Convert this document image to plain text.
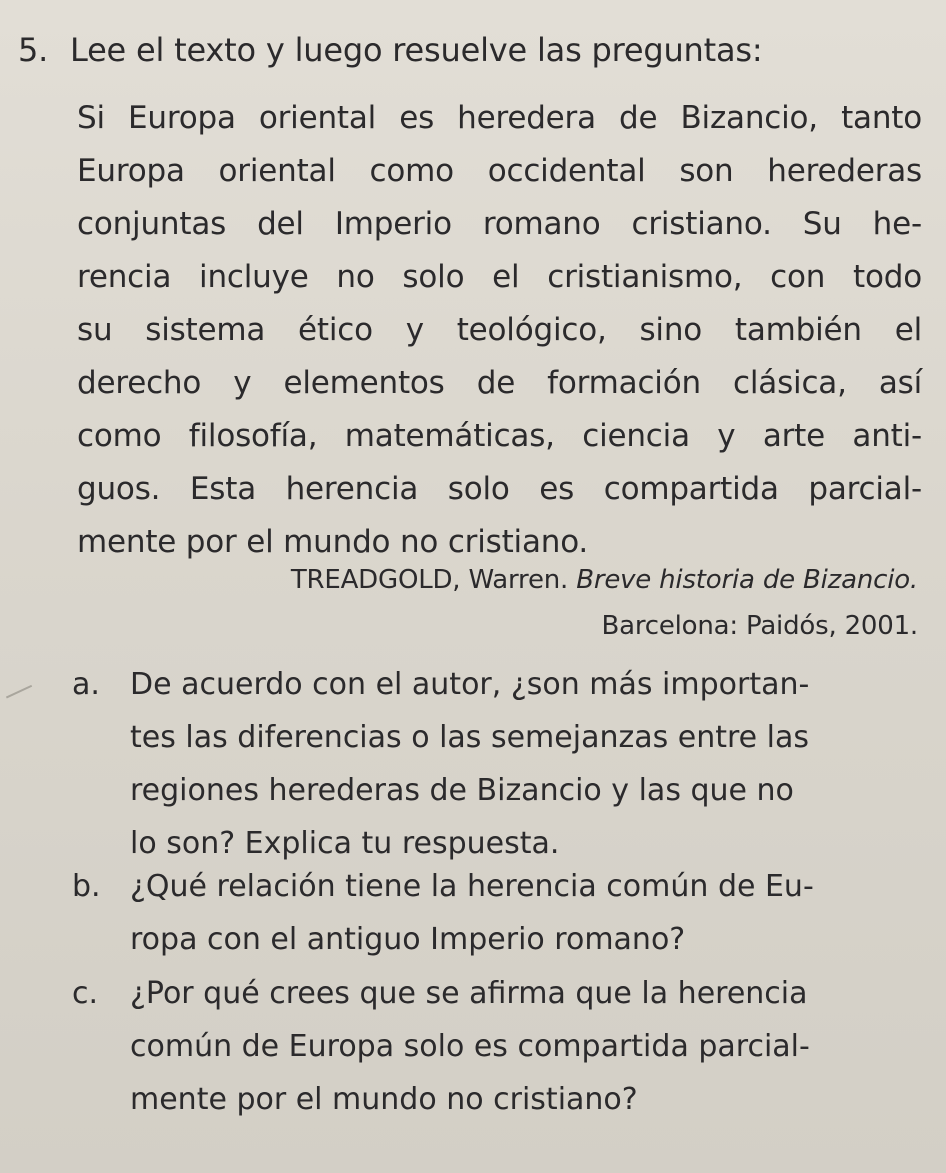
5. Lee el texto y luego resuelve las preguntas:
Si Europa oriental es heredera de Bizancio, tanto
Europa oriental como occidental son herederas
conjuntas del Imperio romano cristiano. Su he-
rencia incluye no solo el cristianismo, con todo
su sistema ético y teológico, sino también el
derecho y elementos de formación clásica, así
como filosofía, matemáticas, ciencia y arte anti-
guos. Esta herencia solo es compartida parcial-
mente por el mundo no cristiano.
TREADGOLD, Warren. Breve historia de Bizancio.
Barcelona: Paidós, 2001.
a. De acuerdo con el autor, ¿son más importan-
tes las diferencias o las semejanzas entre las
regiones herederas de Bizancio y las que no
lo son? Explica tu respuesta.
b. ¿Qué relación tiene la herencia común de Eu-
ropa con el antiguo Imperio romano?
c. ¿Por qué crees que se afirma que la herencia
común de Europa solo es compartida parcial-
mente por el mundo no cristiano?
